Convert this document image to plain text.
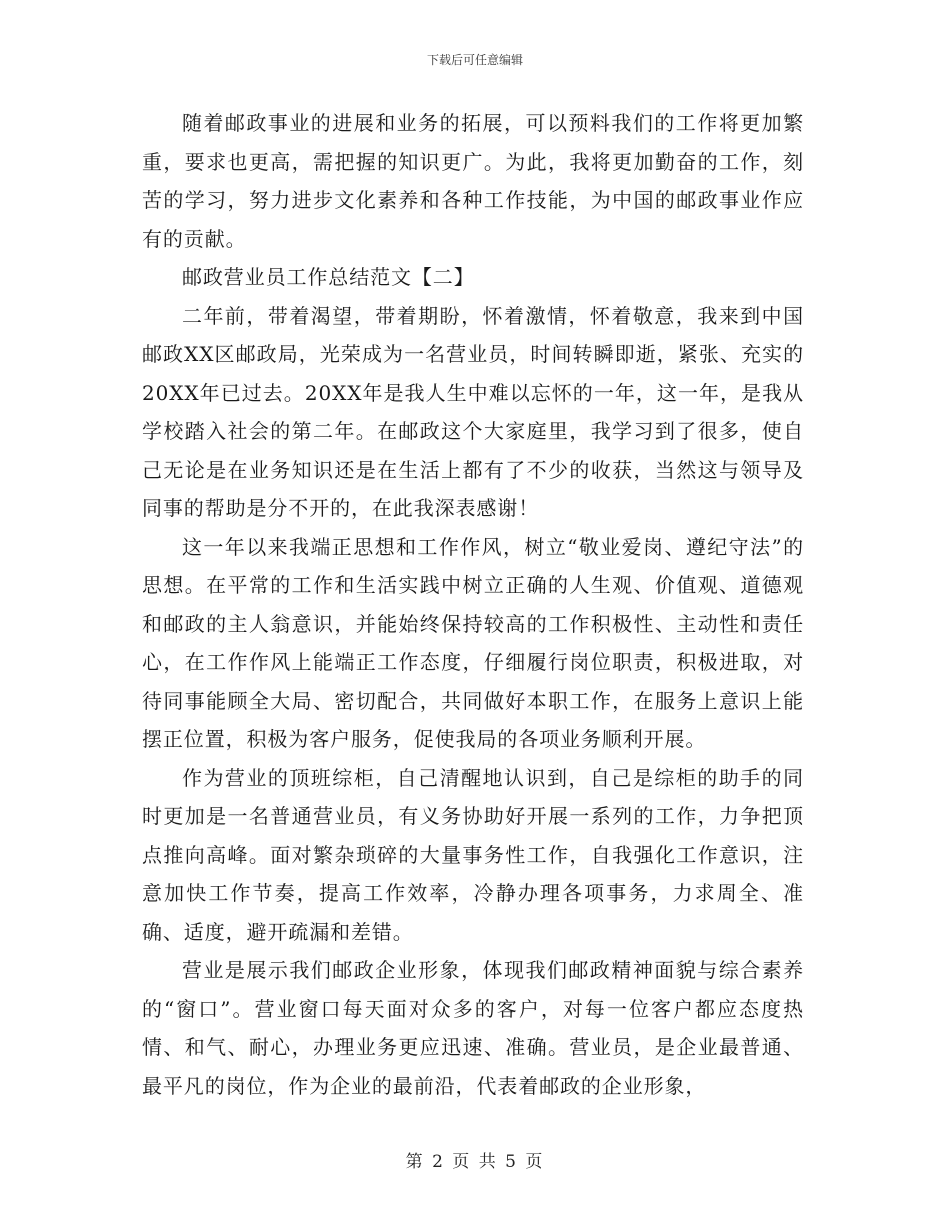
下载后可任意编辑

随着邮政事业的进展和业务的拓展，可以预料我们的工作将更加繁重，要求也更高，需把握的知识更广。为此，我将更加勤奋的工作，刻苦的学习，努力进步文化素养和各种工作技能，为中国的邮政事业作应有的贡献。

邮政营业员工作总结范文【二】

二年前，带着渴望，带着期盼，怀着激情，怀着敬意，我来到中国邮政XX区邮政局，光荣成为一名营业员，时间转瞬即逝，紧张、充实的20XX年已过去。20XX年是我人生中难以忘怀的一年，这一年，是我从学校踏入社会的第二年。在邮政这个大家庭里，我学习到了很多，使自己无论是在业务知识还是在生活上都有了不少的收获，当然这与领导及同事的帮助是分不开的，在此我深表感谢！

这一年以来我端正思想和工作作风，树立“敬业爱岗、遵纪守法”的思想。在平常的工作和生活实践中树立正确的人生观、价值观、道德观和邮政的主人翁意识，并能始终保持较高的工作积极性、主动性和责任心，在工作作风上能端正工作态度，仔细履行岗位职责，积极进取，对待同事能顾全大局、密切配合，共同做好本职工作，在服务上意识上能摆正位置，积极为客户服务，促使我局的各项业务顺利开展。

作为营业的顶班综柜，自己清醒地认识到，自己是综柜的助手的同时更加是一名普通营业员，有义务协助好开展一系列的工作，力争把顶点推向高峰。面对繁杂琐碎的大量事务性工作，自我强化工作意识，注意加快工作节奏，提高工作效率，冷静办理各项事务，力求周全、准确、适度，避开疏漏和差错。

营业是展示我们邮政企业形象，体现我们邮政精神面貌与综合素养的“窗口”。营业窗口每天面对众多的客户，对每一位客户都应态度热情、和气、耐心，办理业务更应迅速、准确。营业员，是企业最普通、最平凡的岗位，作为企业的最前沿，代表着邮政的企业形象，

第 2 页 共 5 页
